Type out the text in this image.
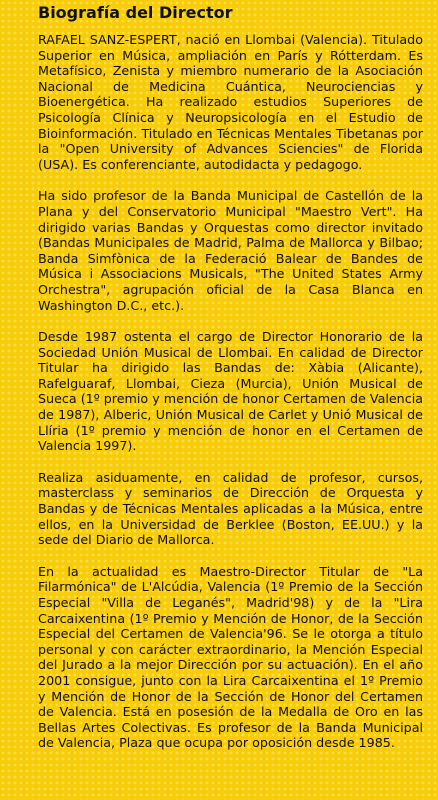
Biografía del Director

RAFAEL SANZ-ESPERT, nació en Llombai (Valencia). Titulado Superior en Música, ampliación en París y Rótterdam. Es Metafísico, Zenista y miembro numerario de la Asociación Nacional de Medicina Cuántica, Neurociencias y Bioenergética. Ha realizado estudios Superiores de Psicología Clínica y Neuropsicología en el Estudio de Bioinformación. Titulado en Técnicas Mentales Tibetanas por la "Open University of Advances Sciencies" de Florida (USA). Es conferenciante, autodidacta y pedagogo.

Ha sido profesor de la Banda Municipal de Castellón de la Plana y del Conservatorio Municipal "Maestro Vert". Ha dirigido varias Bandas y Orquestas como director invitado (Bandas Municipales de Madrid, Palma de Mallorca y Bilbao; Banda Simfònica de la Federació Balear de Bandes de Música i Associacions Musicals, "The United States Army Orchestra", agrupación oficial de la Casa Blanca en Washington D.C., etc.).

Desde 1987 ostenta el cargo de Director Honorario de la Sociedad Unión Musical de Llombai. En calidad de Director Titular ha dirigido las Bandas de: Xàbia (Alicante), Rafelguaraf, Llombai, Cieza (Murcia), Unión Musical de Sueca (1º premio y mención de honor Certamen de Valencia de 1987), Alberic, Unión Musical de Carlet y Unió Musical de Llíria (1º premio y mención de honor en el Certamen de Valencia 1997).

Realiza asiduamente, en calidad de profesor, cursos, masterclass y seminarios de Dirección de Orquesta y Bandas y de Técnicas Mentales aplicadas a la Música, entre ellos, en la Universidad de Berklee (Boston, EE.UU.) y la sede del Diario de Mallorca.

En la actualidad es Maestro-Director Titular de "La Filarmónica" de L'Alcúdia, Valencia (1º Premio de la Sección Especial "Villa de Leganés", Madrid'98) y de la "Lira Carcaixentina (1º Premio y Mención de Honor, de la Sección Especial del Certamen de Valencia'96. Se le otorga a título personal y con carácter extraordinario, la Mención Especial del Jurado a la mejor Dirección por su actuación). En el año 2001 consigue, junto con la Lira Carcaixentina el 1º Premio y Mención de Honor de la Sección de Honor del Certamen de Valencia. Está en posesión de la Medalla de Oro en las Bellas Artes Colectivas. Es profesor de la Banda Municipal de Valencia, Plaza que ocupa por oposición desde 1985.
